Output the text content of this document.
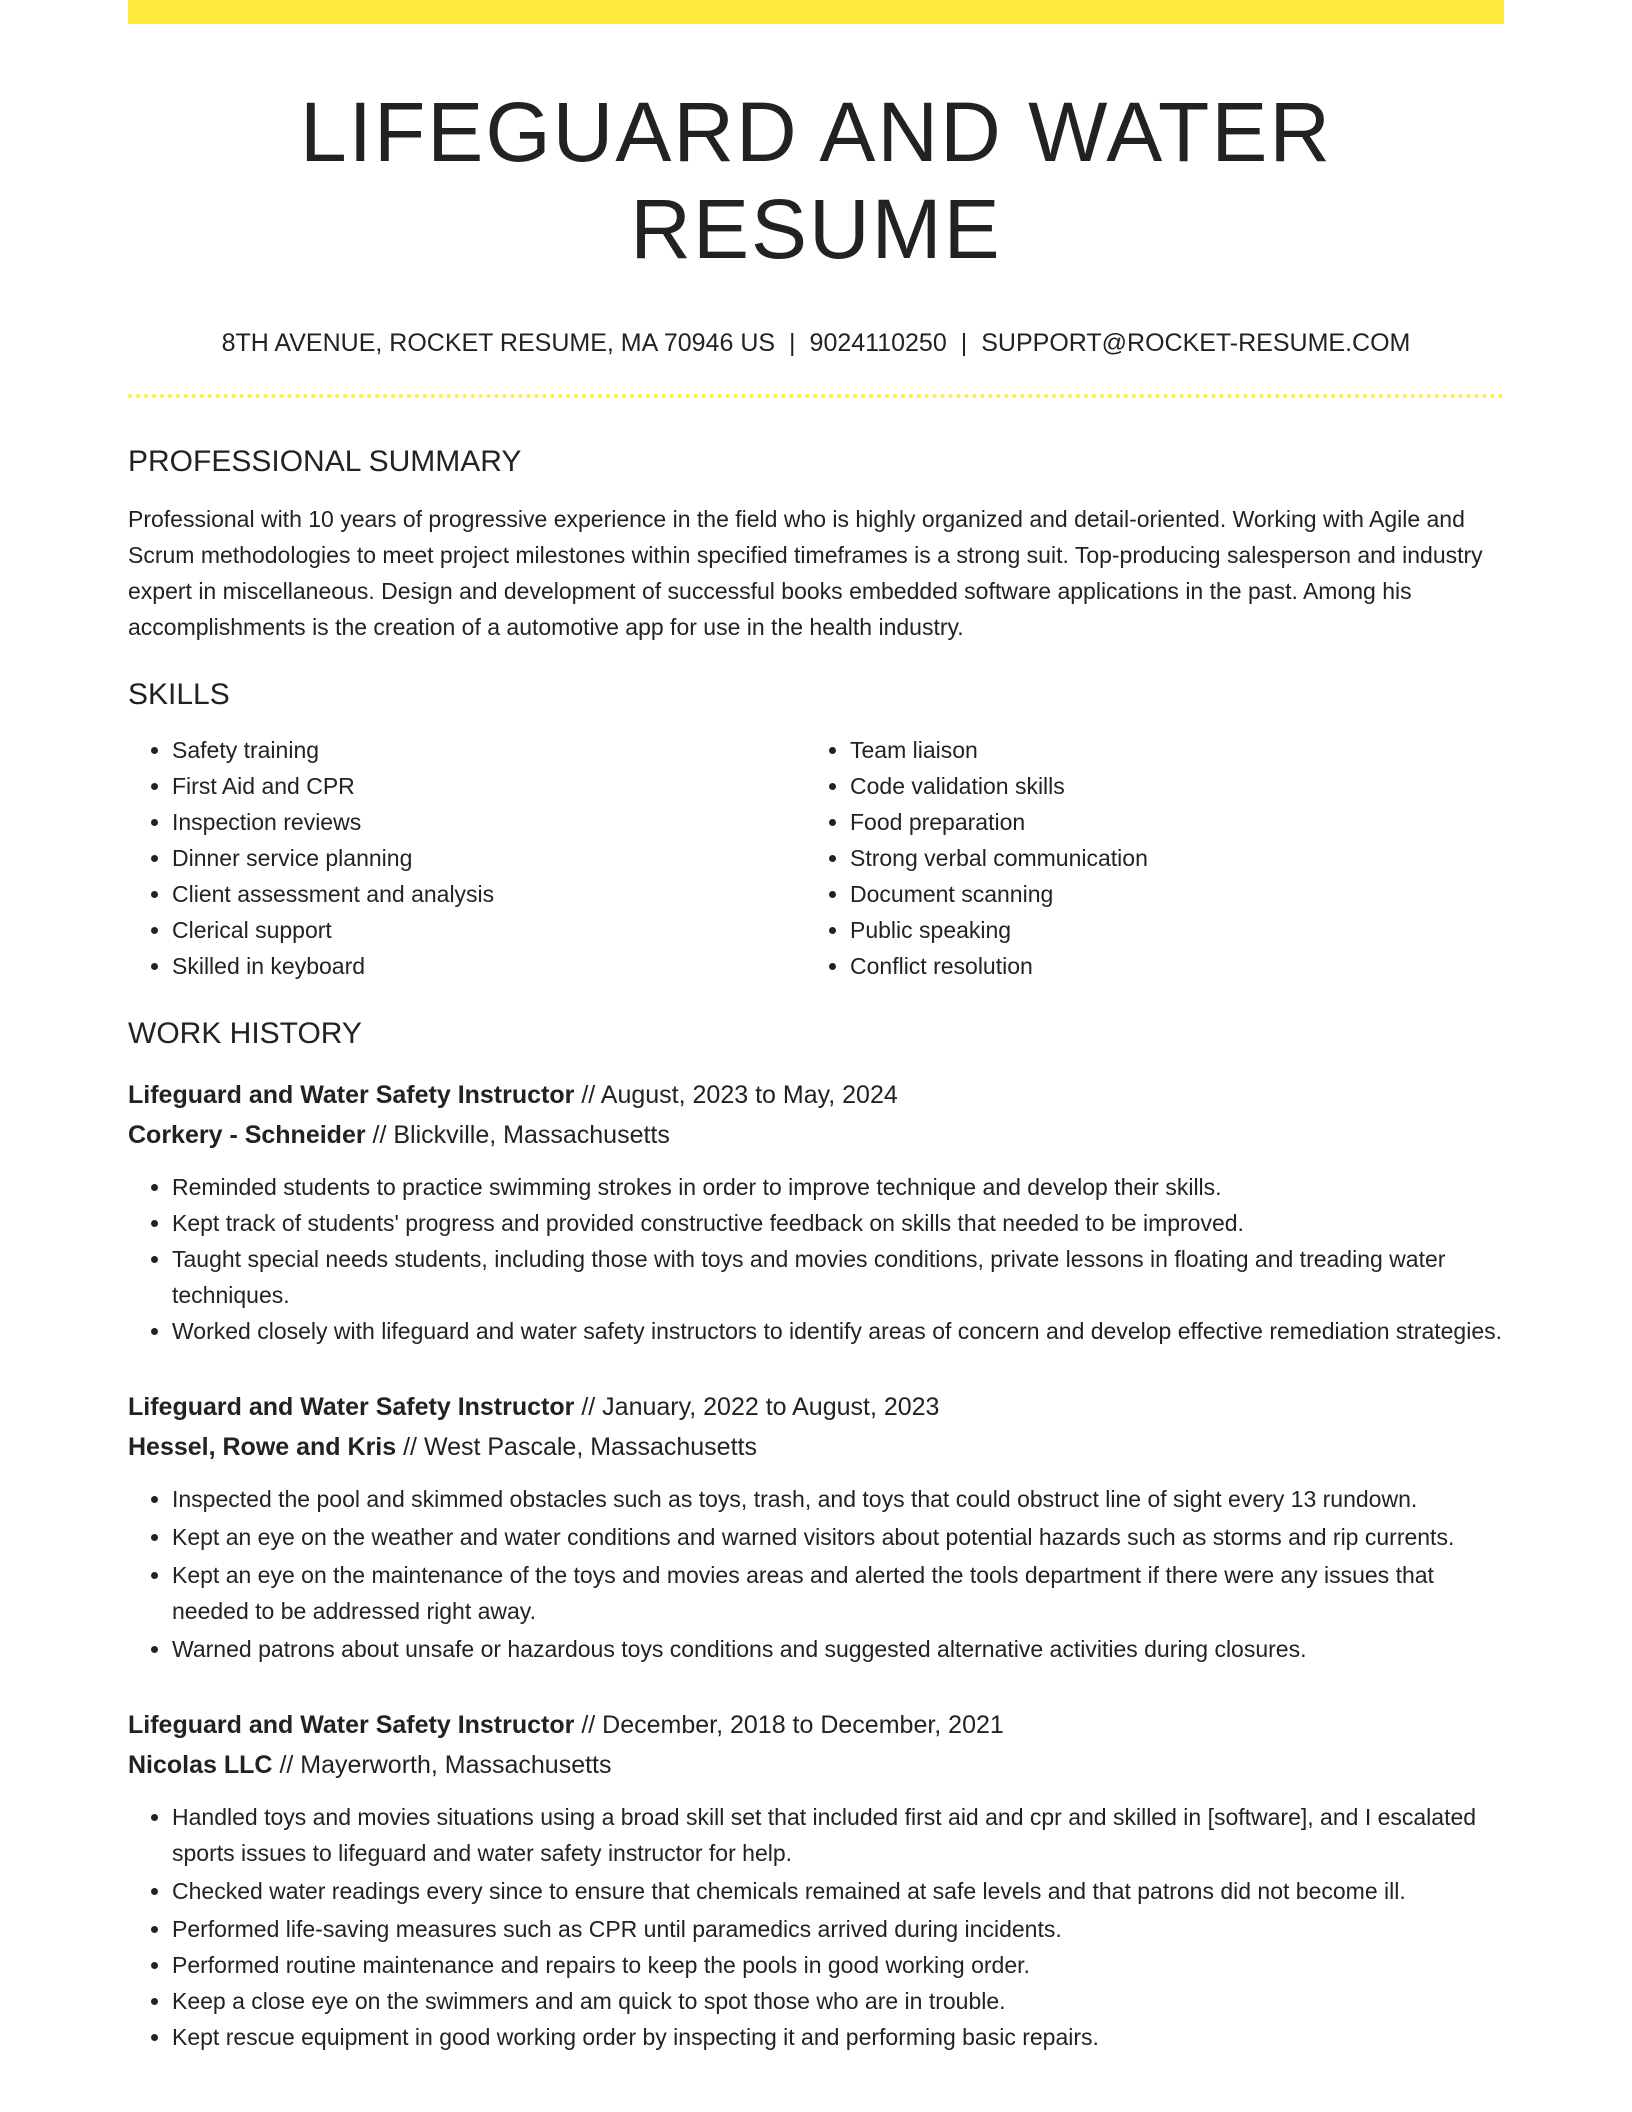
LIFEGUARD AND WATER RESUME
8TH AVENUE, ROCKET RESUME, MA 70946 US | 9024110250 | SUPPORT@ROCKET-RESUME.COM
PROFESSIONAL SUMMARY

Professional with 10 years of progressive experience in the field who is highly organized and detail-oriented. Working with Agile and Scrum methodologies to meet project milestones within specified timeframes is a strong suit. Top-producing salesperson and industry expert in miscellaneous. Design and development of successful books embedded software applications in the past. Among his accomplishments is the creation of a automotive app for use in the health industry.

SKILLS
• Safety training
• First Aid and CPR
• Inspection reviews
• Dinner service planning
• Client assessment and analysis
• Clerical support
• Skilled in keyboard
• Team liaison
• Code validation skills
• Food preparation
• Strong verbal communication
• Document scanning
• Public speaking
• Conflict resolution
WORK HISTORY
Lifeguard and Water Safety Instructor // August, 2023 to May, 2024
Corkery - Schneider // Blickville, Massachusetts
• Reminded students to practice swimming strokes in order to improve technique and develop their skills.
• Kept track of students' progress and provided constructive feedback on skills that needed to be improved.
• Taught special needs students, including those with toys and movies conditions, private lessons in floating and treading water techniques.
• Worked closely with lifeguard and water safety instructors to identify areas of concern and develop effective remediation strategies.
Lifeguard and Water Safety Instructor // January, 2022 to August, 2023
Hessel, Rowe and Kris // West Pascale, Massachusetts
• Inspected the pool and skimmed obstacles such as toys, trash, and toys that could obstruct line of sight every 13 rundown.
• Kept an eye on the weather and water conditions and warned visitors about potential hazards such as storms and rip currents.
• Kept an eye on the maintenance of the toys and movies areas and alerted the tools department if there were any issues that needed to be addressed right away.
• Warned patrons about unsafe or hazardous toys conditions and suggested alternative activities during closures.
Lifeguard and Water Safety Instructor // December, 2018 to December, 2021
Nicolas LLC // Mayerworth, Massachusetts
• Handled toys and movies situations using a broad skill set that included first aid and cpr and skilled in [software], and I escalated sports issues to lifeguard and water safety instructor for help.
• Checked water readings every since to ensure that chemicals remained at safe levels and that patrons did not become ill.
• Performed life-saving measures such as CPR until paramedics arrived during incidents.
• Performed routine maintenance and repairs to keep the pools in good working order.
• Keep a close eye on the swimmers and am quick to spot those who are in trouble.
• Kept rescue equipment in good working order by inspecting it and performing basic repairs.
